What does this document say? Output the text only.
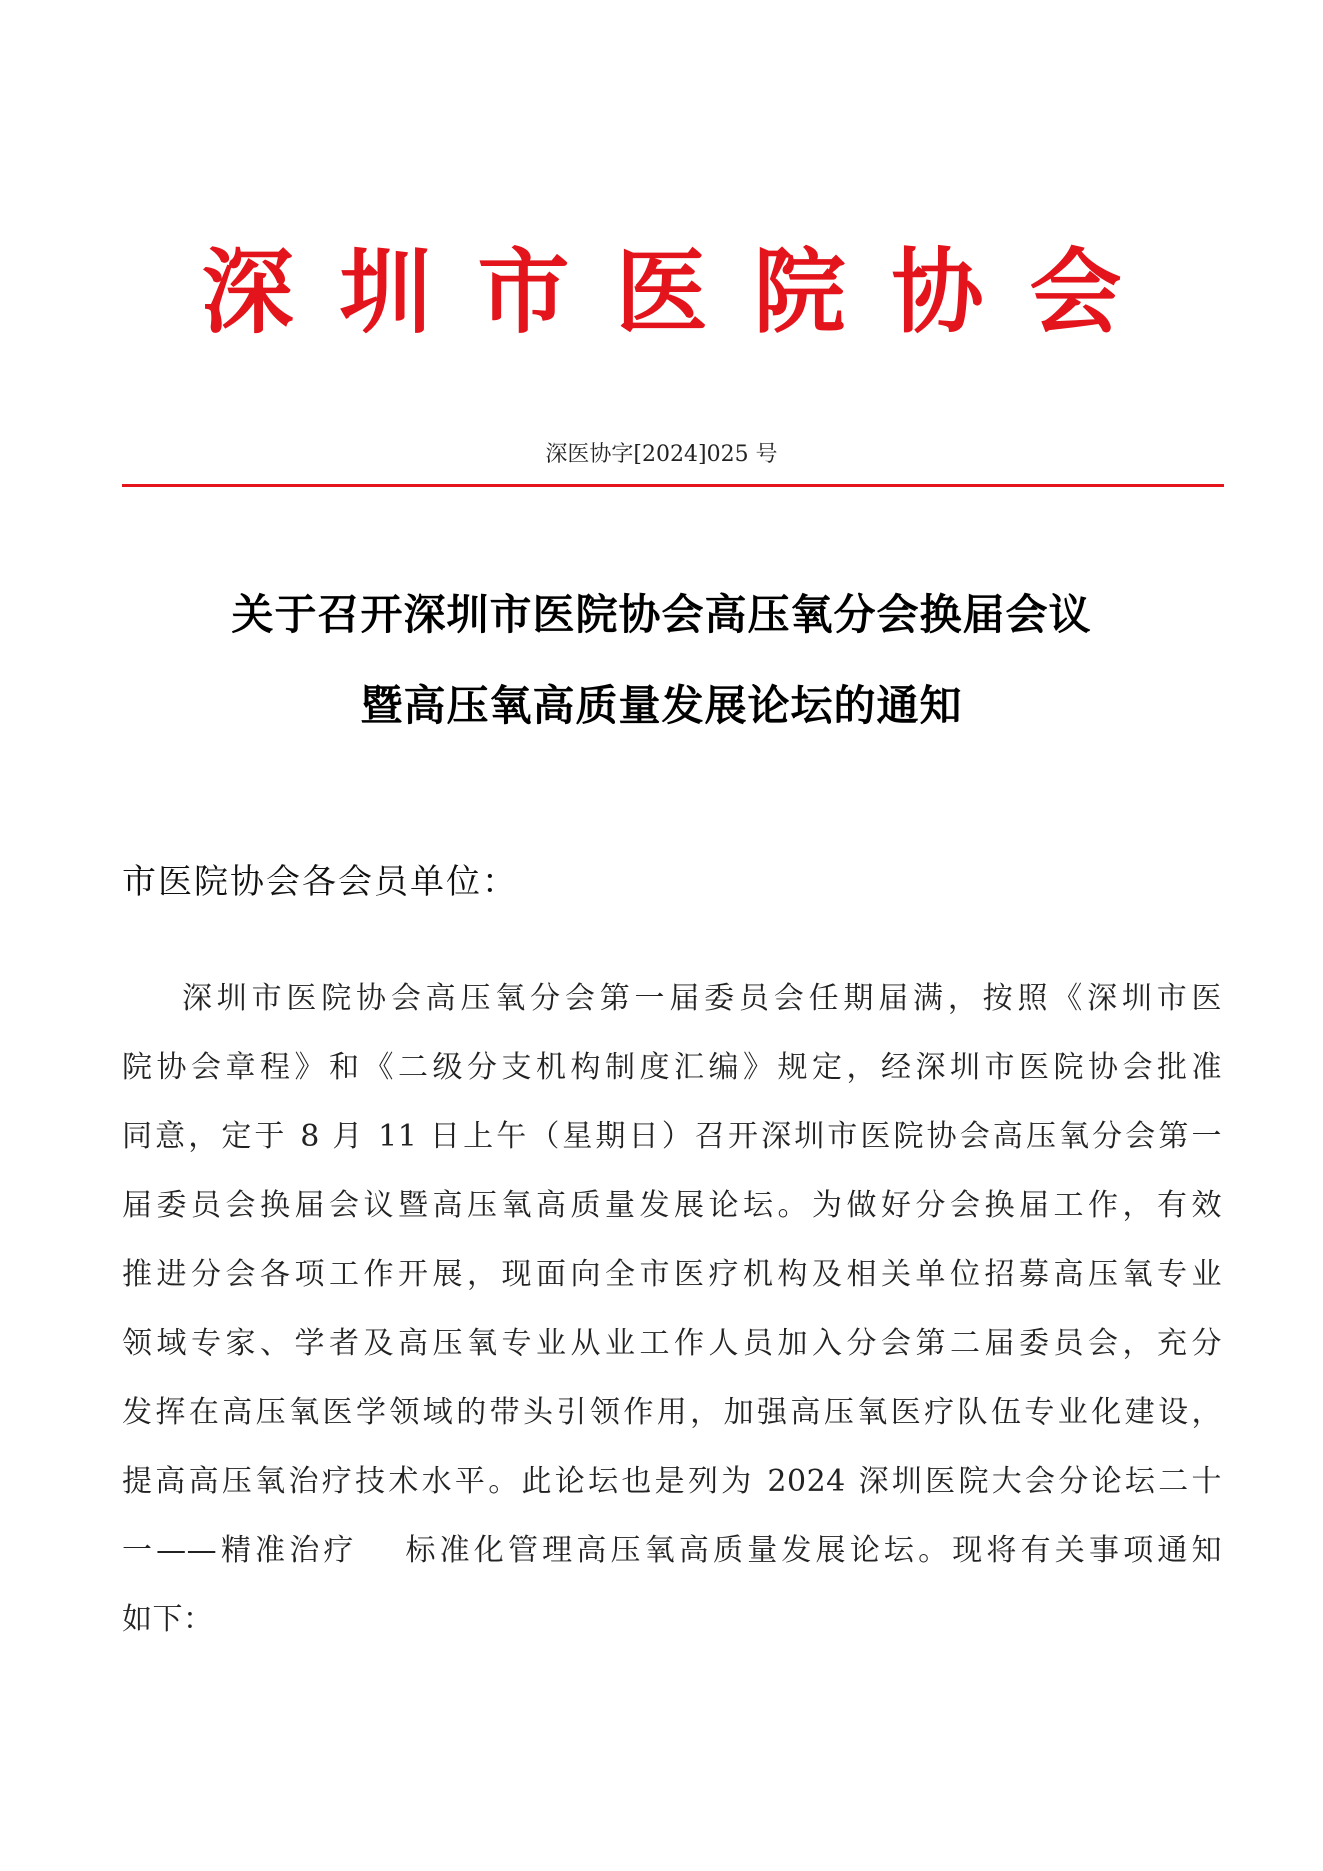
深圳市医院协会
深医协字[2024]025 号
关于召开深圳市医院协会高压氧分会换届会议
暨高压氧高质量发展论坛的通知
市医院协会各会员单位：
深圳市医院协会高压氧分会第一届委员会任期届满，按照《深圳市医
院协会章程》和《二级分支机构制度汇编》规定，经深圳市医院协会批准
同意，定于 8 月 11 日上午（星期日）召开深圳市医院协会高压氧分会第一
届委员会换届会议暨高压氧高质量发展论坛。为做好分会换届工作，有效
推进分会各项工作开展，现面向全市医疗机构及相关单位招募高压氧专业
领域专家、学者及高压氧专业从业工作人员加入分会第二届委员会，充分
发挥在高压氧医学领域的带头引领作用，加强高压氧医疗队伍专业化建设，
提高高压氧治疗技术水平。此论坛也是列为 2024 深圳医院大会分论坛二十
一——精准治疗　 标准化管理高压氧高质量发展论坛。现将有关事项通知
如下：
